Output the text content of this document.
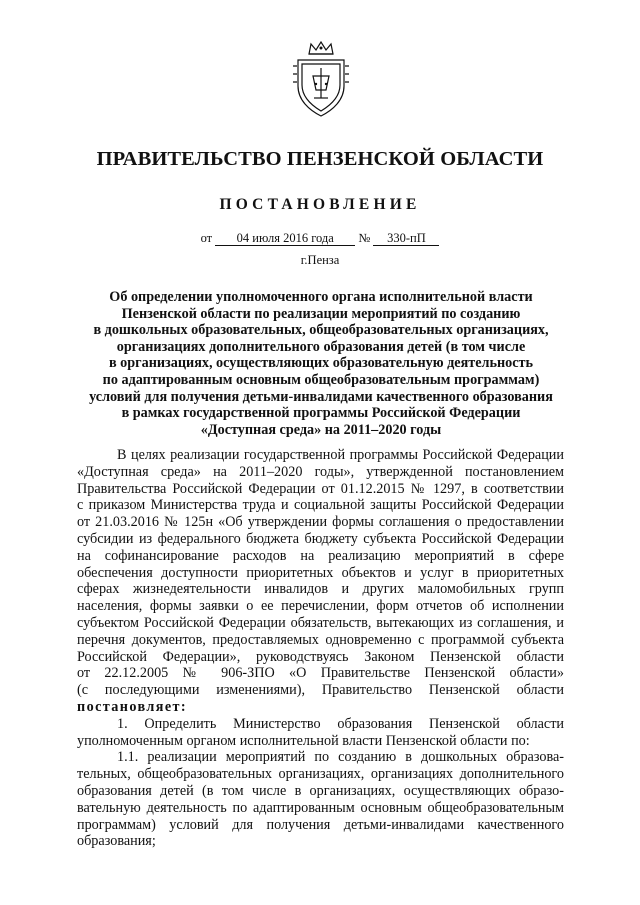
ПРАВИТЕЛЬСТВО ПЕНЗЕНСКОЙ ОБЛАСТИ
ПОСТАНОВЛЕНИЕ
от 04 июля 2016 года № 330-пП
г.Пенза
Об определении уполномоченного органа исполнительной власти
Пензенской области по реализации мероприятий по созданию
в дошкольных образовательных, общеобразовательных организациях,
организациях дополнительного образования детей (в том числе
в организациях, осуществляющих образовательную деятельность
по адаптированным основным общеобразовательным программам)
условий для получения детьми-инвалидами качественного образования
в рамках государственной программы Российской Федерации
«Доступная среда» на 2011–2020 годы
В целях реализации государственной программы Российской Федерации
«Доступная среда» на 2011–2020 годы», утвержденной постановлением
Правительства Российской Федерации от 01.12.2015 № 1297, в соответствии
с приказом Министерства труда и социальной защиты Российской Федерации
от 21.03.2016 № 125н «Об утверждении формы соглашения о предоставлении
субсидии из федерального бюджета бюджету субъекта Российской Федерации
на софинансирование расходов на реализацию мероприятий в сфере
обеспечения доступности приоритетных объектов и услуг в приоритетных
сферах жизнедеятельности инвалидов и других маломобильных групп
населения, формы заявки о ее перечислении, форм отчетов об исполнении
субъектом Российской Федерации обязательств, вытекающих из соглашения, и
перечня документов, предоставляемых одновременно с программой субъекта
Российской Федерации», руководствуясь Законом Пензенской области
от 22.12.2005 № 906-ЗПО «О Правительстве Пензенской области»
(с последующими изменениями), Правительство Пензенской области
постановляет:
1. Определить Министерство образования Пензенской области
уполномоченным органом исполнительной власти Пензенской области по:
1.1. реализации мероприятий по созданию в дошкольных образова-
тельных, общеобразовательных организациях, организациях дополнительного
образования детей (в том числе в организациях, осуществляющих образо-
вательную деятельность по адаптированным основным общеобразовательным
программам) условий для получения детьми-инвалидами качественного
образования;
